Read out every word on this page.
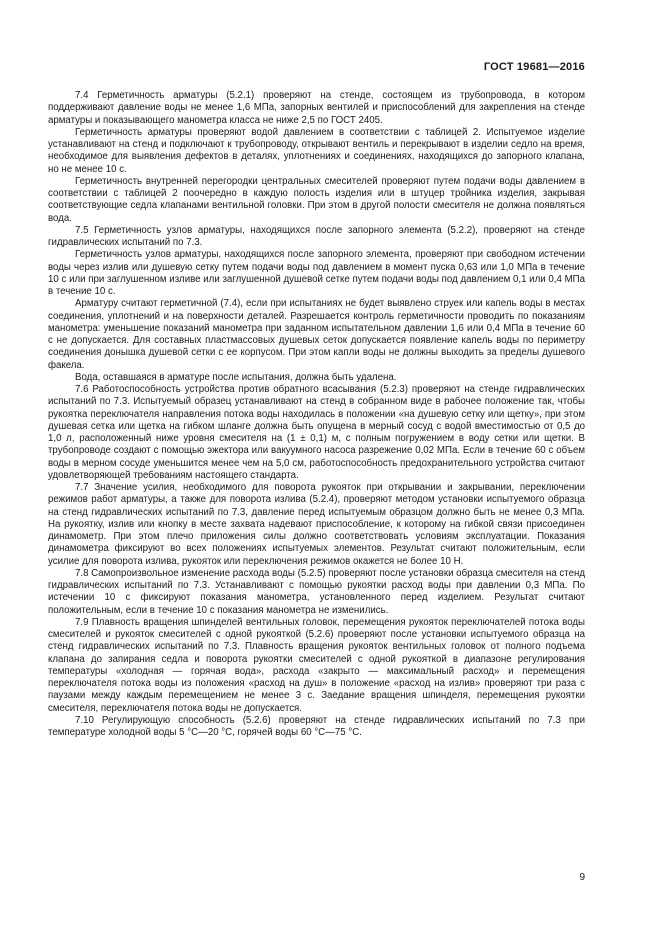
ГОСТ 19681—2016

7.4 Герметичность арматуры (5.2.1) проверяют на стенде, состоящем из трубопровода, в котором поддерживают давление воды не менее 1,6 МПа, запорных вентилей и приспособлений для закрепления на стенде арматуры и показывающего манометра класса не ниже 2,5 по ГОСТ 2405.

Герметичность арматуры проверяют водой давлением в соответствии с таблицей 2. Испытуемое изделие устанавливают на стенд и подключают к трубопроводу, открывают вентиль и перекрывают в изделии седло на время, необходимое для выявления дефектов в деталях, уплотнениях и соединениях, находящихся до запорного клапана, но не менее 10 с.

Герметичность внутренней перегородки центральных смесителей проверяют путем подачи воды давлением в соответствии с таблицей 2 поочередно в каждую полость изделия или в штуцер тройника изделия, закрывая соответствующие седла клапанами вентильной головки. При этом в другой полости смесителя не должна появляться вода.

7.5 Герметичность узлов арматуры, находящихся после запорного элемента (5.2.2), проверяют на стенде гидравлических испытаний по 7.3.

Герметичность узлов арматуры, находящихся после запорного элемента, проверяют при свободном истечении воды через излив или душевую сетку путем подачи воды под давлением в момент пуска 0,63 или 1,0 МПа в течение 10 с или при заглушенном изливе или заглушенной душевой сетке путем подачи воды под давлением 0,1 или 0,4 МПа в течение 10 с.

Арматуру считают герметичной (7.4), если при испытаниях не будет выявлено струек или капель воды в местах соединения, уплотнений и на поверхности деталей. Разрешается контроль герметичности проводить по показаниям манометра: уменьшение показаний манометра при заданном испытательном давлении 1,6 или 0,4 МПа в течение 60 с не допускается. Для составных пластмассовых душевых сеток допускается появление капель воды по периметру соединения донышка душевой сетки с ее корпусом. При этом капли воды не должны выходить за пределы душевого факела.

Вода, оставшаяся в арматуре после испытания, должна быть удалена.

7.6 Работоспособность устройства против обратного всасывания (5.2.3) проверяют на стенде гидравлических испытаний по 7.3. Испытуемый образец устанавливают на стенд в собранном виде в рабочее положение так, чтобы рукоятка переключателя направления потока воды находилась в положении «на душевую сетку или щетку», при этом душевая сетка или щетка на гибком шланге должна быть опущена в мерный сосуд с водой вместимостью от 0,5 до 1,0 л, расположенный ниже уровня смесителя на (1 ± 0,1) м, с полным погружением в воду сетки или щетки. В трубопроводе создают с помощью эжектора или вакуумного насоса разрежение 0,02 МПа. Если в течение 60 с объем воды в мерном сосуде уменьшится менее чем на 5,0 см, работоспособность предохранительного устройства считают удовлетворяющей требованиям настоящего стандарта.

7.7 Значение усилия, необходимого для поворота рукояток при открывании и закрывании, переключении режимов работ арматуры, а также для поворота излива (5.2.4), проверяют методом установки испытуемого образца на стенд гидравлических испытаний по 7.3, давление перед испытуемым образцом должно быть не менее 0,3 МПа. На рукоятку, излив или кнопку в месте захвата надевают приспособление, к которому на гибкой связи присоединен динамометр. При этом плечо приложения силы должно соответствовать условиям эксплуатации. Показания динамометра фиксируют во всех положениях испытуемых элементов. Результат считают положительным, если усилие для поворота излива, рукояток или переключения режимов окажется не более 10 Н.

7.8 Самопроизвольное изменение расхода воды (5.2.5) проверяют после установки образца смесителя на стенд гидравлических испытаний по 7.3. Устанавливают с помощью рукоятки расход воды при давлении 0,3 МПа. По истечении 10 с фиксируют показания манометра, установленного перед изделием. Результат считают положительным, если в течение 10 с показания манометра не изменились.

7.9 Плавность вращения шпинделей вентильных головок, перемещения рукояток переключателей потока воды смесителей и рукояток смесителей с одной рукояткой (5.2.6) проверяют после установки испытуемого образца на стенд гидравлических испытаний по 7.3. Плавность вращения рукояток вентильных головок от полного подъема клапана до запирания седла и поворота рукоятки смесителей с одной рукояткой в диапазоне регулирования температуры «холодная — горячая вода», расхода «закрыто — максимальный расход» и перемещения переключателя потока воды из положения «расход на душ» в положение «расход на излив» проверяют три раза с паузами между каждым перемещением не менее 3 с. Заедание вращения шпинделя, перемещения рукоятки смесителя, переключателя потока воды не допускается.

7.10 Регулирующую способность (5.2.6) проверяют на стенде гидравлических испытаний по 7.3 при температуре холодной воды 5 °С—20 °С, горячей воды 60 °С—75 °С.

9
